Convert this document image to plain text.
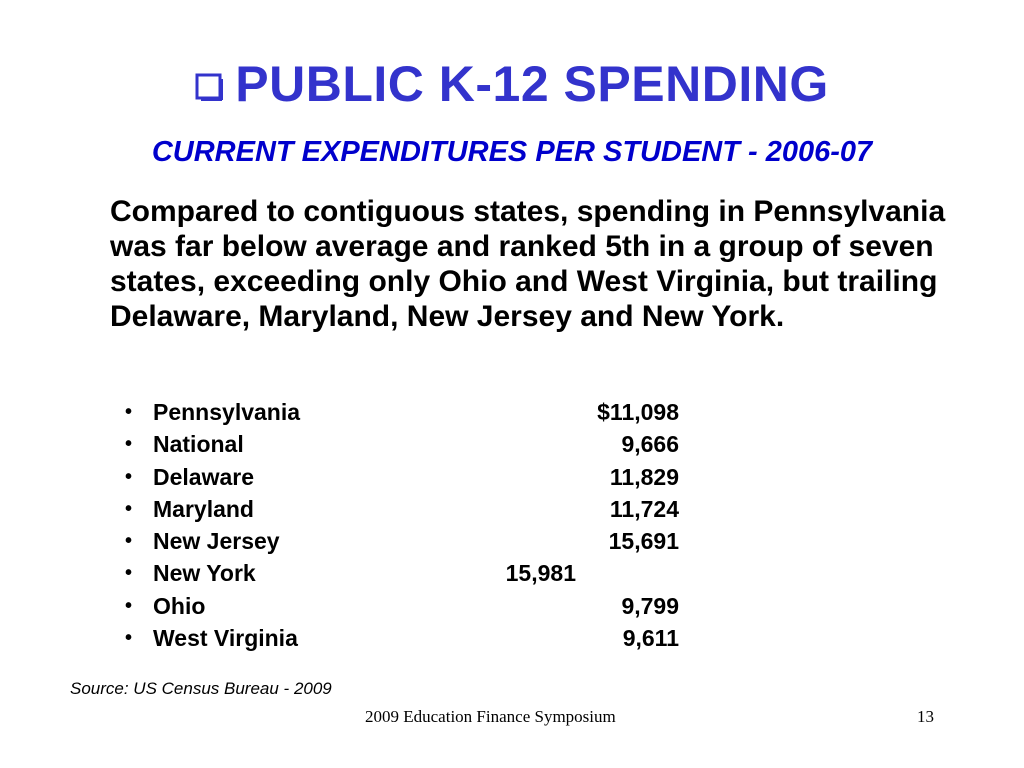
PUBLIC K-12 SPENDING
CURRENT EXPENDITURES PER STUDENT - 2006-07
Compared to contiguous states, spending in Pennsylvania was far below average and ranked 5th in a group of seven states, exceeding only Ohio and West Virginia, but trailing Delaware, Maryland, New Jersey and New York.
• Pennsylvania	$11,098
• National	9,666
• Delaware	11,829
• Maryland	11,724
• New Jersey	15,691
• New York	15,981
• Ohio	9,799
• West Virginia	9,611
Source: US Census Bureau - 2009
2009 Education Finance Symposium	13
